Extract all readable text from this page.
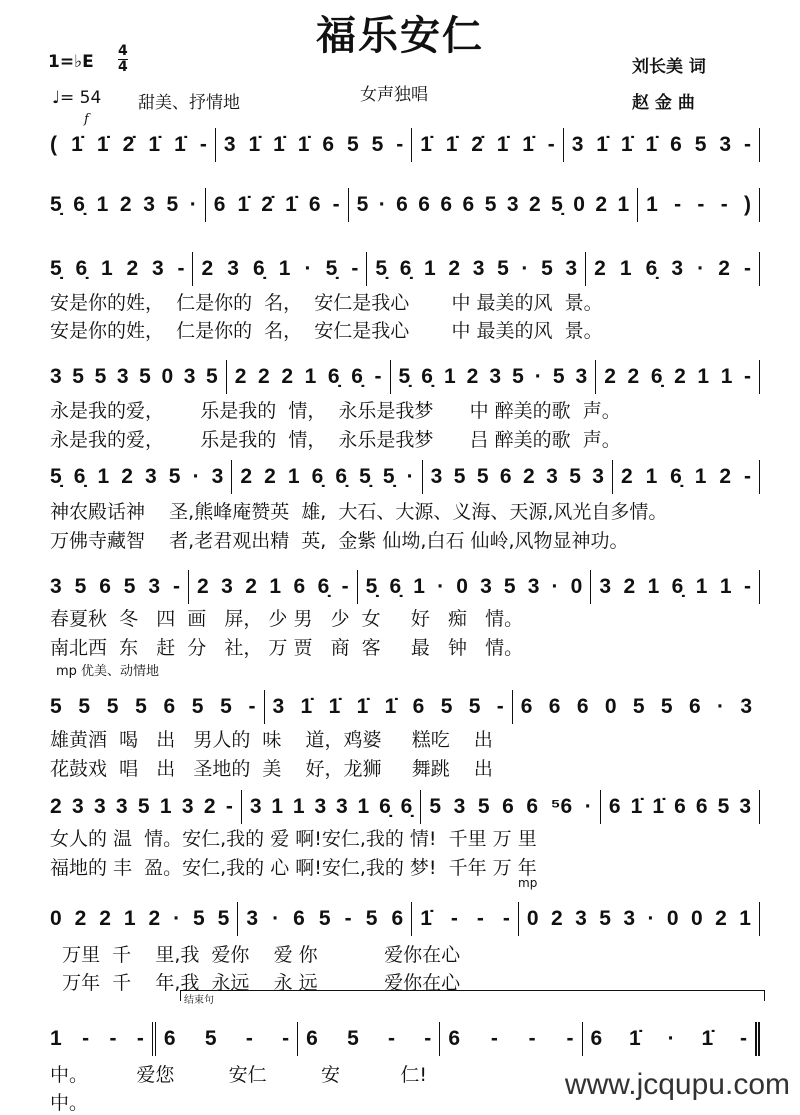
福乐安仁
1=♭E
4
4
♩= 54 甜美、抒情地	女声独唱
刘长美 词
赵 金 曲
f
mp 优美、动情地
mp
结束句
( 1̇ 1̇ 2̇ 1̇ 1̇ - 3 1̇ 1̇ 1̇ 6 5 5 - 1̇ 1̇ 2̇ 1̇ 1̇ - 3 1̇ 1̇ 1̇ 6 5 3 -
5̣ 6̣ 1 2 3 5 · 6 1̇ 2̇ 1̇ 6 - 5 · 6 6 6 6 5 3 2 5̣ 0 2 1 1 - - - )
5̣ 6̣ 1 2 3 - 2 3 6̣ 1 · 5̣ - 5̣ 6̣ 1 2 3 5 · 5 3 2 1 6̣ 3 · 2 -
安是你的姓，  仁是你的  名，  安仁是我心       中 最美的风  景。
安是你的姓，  仁是你的  名，  安仁是我心       中 最美的风  景。
3 5 5 3 5 0 3 5 2 2 2 1 6̣ 6̣ - 5̣ 6̣ 1 2 3 5 · 5 3 2 2 6̣ 2 1 1 -
永是我的爱，      乐是我的  情，  永乐是我梦      中 醉美的歌  声。
永是我的爱，      乐是我的  情，  永乐是我梦      吕 醉美的歌  声。
5̣ 6̣ 1 2 3 5 · 3 2 2 1 6̣ 6̣ 5̣ 5̣ · 3 5 5 6 2 3 5 3 2 1 6̣ 1 2 -
神农殿话神    圣,熊峰庵赞英  雄,  大石、大源、义海、天源,风光自多情。
万佛寺藏智    者,老君观出精  英,  金紫 仙坳,白石 仙岭,风物显神功。
3 5 6 5 3 - 2 3 2 1 6 6̣ - 5̣ 6̣ 1 · 0 3 5 3 · 0 3 2 1 6̣ 1 1 -
春夏秋  冬   四  画   屏， 少 男   少  女     好   痴   情。
南北西  东   赶  分   社， 万 贾   商  客     最   钟   情。
5 5 5 5 6 5 5 - 3 1̇ 1̇ 1̇ 1̇ 6 5 5 - 6 6 6 0 5 5 6 · 3
雄黄酒  喝   出   男人的  味    道，鸡婆     糕吃    出
花鼓戏  唱   出   圣地的  美    好，龙狮     舞跳    出
2 3 3 3 5 1 3 2 - 3 1 1 3 3 1 6̣ 6̣ 5 3 5 6 6 ⁵6 · 6 1̇ 1̇ 6 6 5 3
女人的 温  情。安仁,我的 爱 啊!安仁,我的 情!  千里 万 里
福地的 丰  盈。安仁,我的 心 啊!安仁,我的 梦!  千年 万 年
0 2 2 1 2 · 5 5 3 · 6 5 - 5 6 1̇ - - - 0 2 3 5 3 · 0 0 2 1
万里  千    里,我  爱你    爱 你           爱你在心
万年  千    年,我  永远    永 远           爱你在心
1 - - - 6 5 - - 6 5 - - 6 - - - 6 1̇ · 1̇ -
中。        爱您         安仁         安          仁!
中。
www.jcqupu.com
